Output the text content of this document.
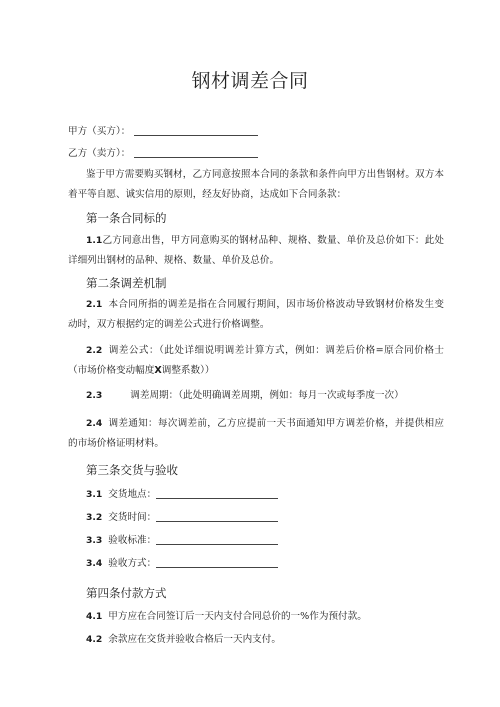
钢材调差合同
甲方（买方）：
乙方（卖方）：

鉴于甲方需要购买钢材，乙方同意按照本合同的条款和条件向甲方出售钢材。双方本着平等自愿、诚实信用的原则，经友好协商，达成如下合同条款：

第一条合同标的

1.1乙方同意出售，甲方同意购买的钢材品种、规格、数量、单价及总价如下：此处详细列出钢材的品种、规格、数量、单价及总价。

第二条调差机制

2.1 本合同所指的调差是指在合同履行期间，因市场价格波动导致钢材价格发生变动时，双方根据约定的调差公式进行价格调整。

2.2 调差公式：（此处详细说明调差计算方式，例如：调差后价格=原合同价格士（市场价格变动幅度X调整系数））

2.3	调差周期：（此处明确调差周期，例如：每月一次或每季度一次）

2.4 调差通知：每次调差前，乙方应提前一天书面通知甲方调差价格，并提供相应的市场价格证明材料。

第三条交货与验收
3.1 交货地点：
3.2 交货时间：
3.3 验收标准：
3.4 验收方式：
第四条付款方式
4.1 甲方应在合同签订后一天内支付合同总价的一%作为预付款。
4.2 余款应在交货并验收合格后一天内支付。
